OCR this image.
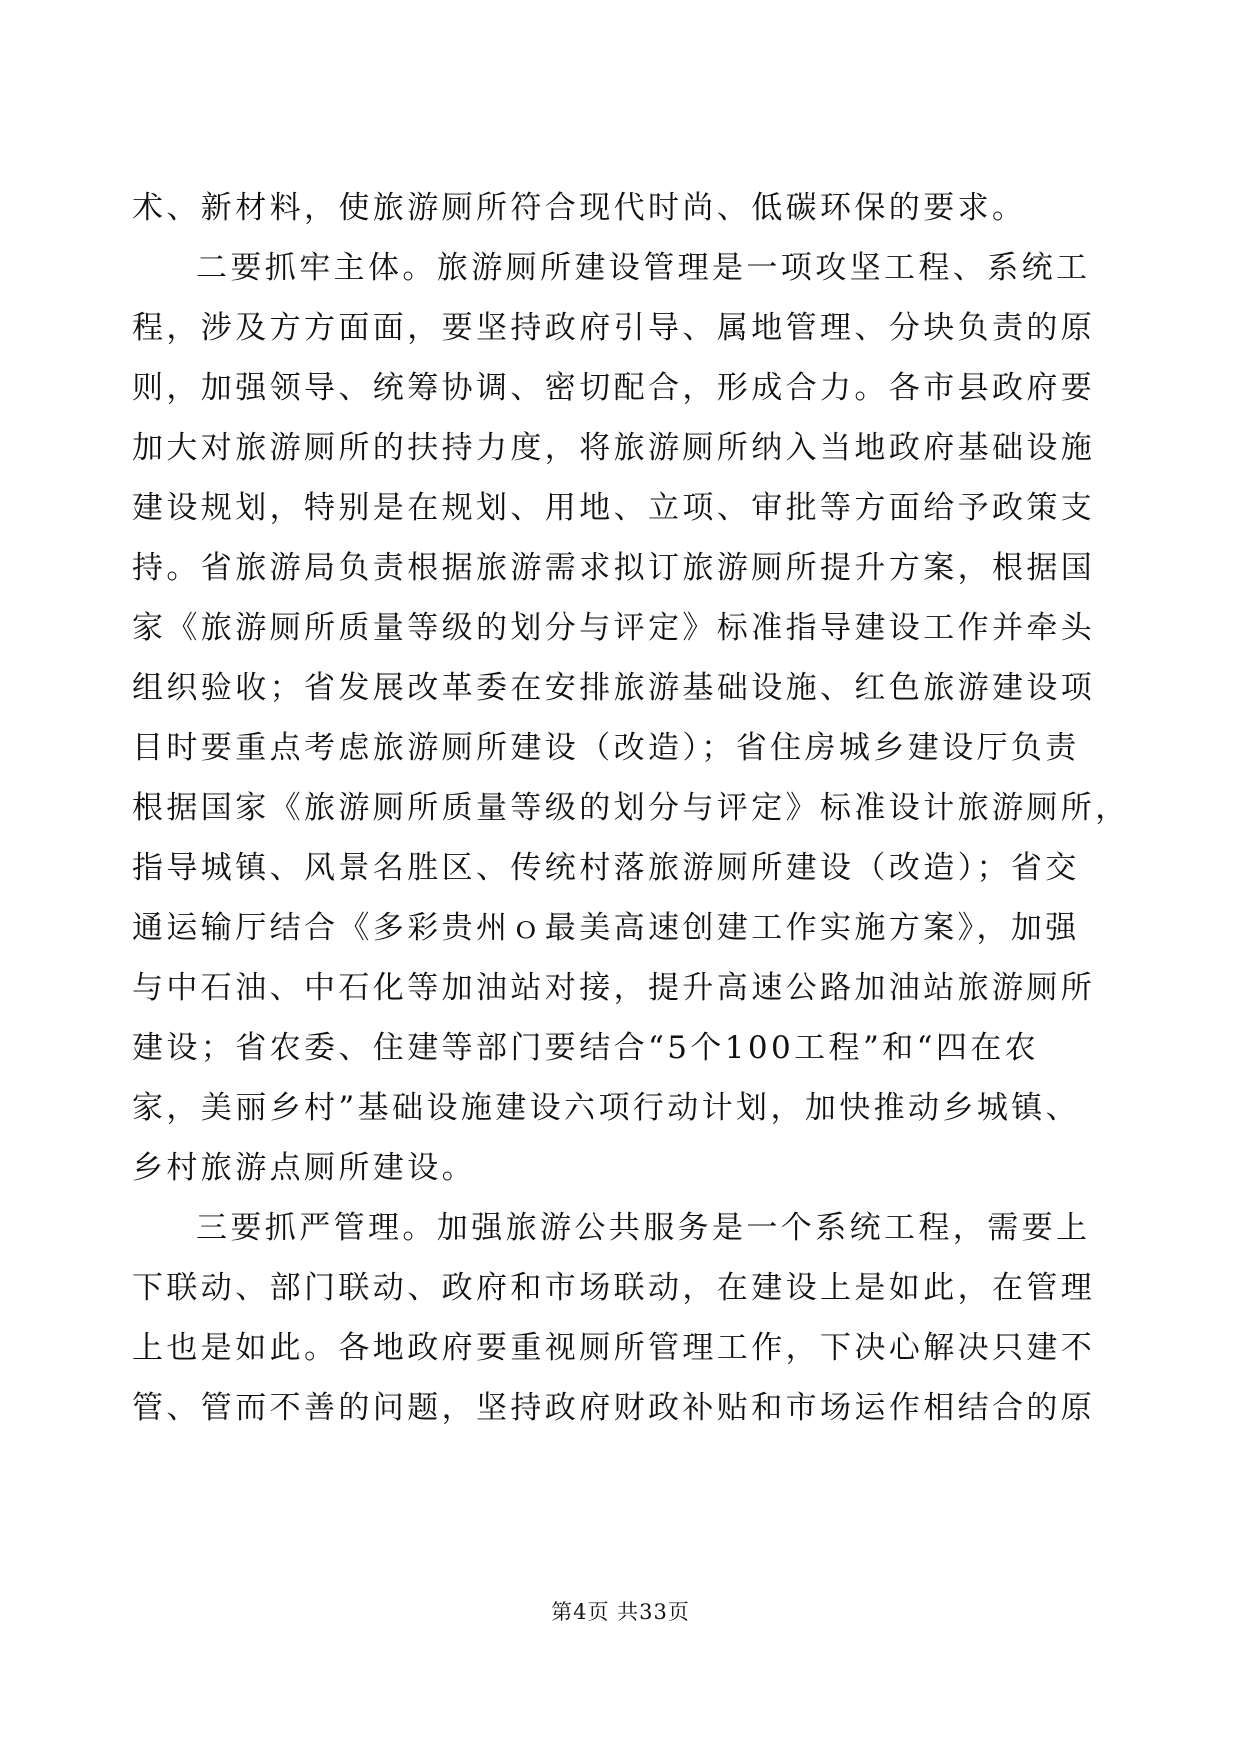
术、新材料，使旅游厕所符合现代时尚、低碳环保的要求。
二要抓牢主体。旅游厕所建设管理是一项攻坚工程、系统工
程，涉及方方面面，要坚持政府引导、属地管理、分块负责的原
则，加强领导、统筹协调、密切配合，形成合力。各市县政府要
加大对旅游厕所的扶持力度，将旅游厕所纳入当地政府基础设施
建设规划，特别是在规划、用地、立项、审批等方面给予政策支
持。省旅游局负责根据旅游需求拟订旅游厕所提升方案，根据国
家《旅游厕所质量等级的划分与评定》标准指导建设工作并牵头
组织验收；省发展改革委在安排旅游基础设施、红色旅游建设项
目时要重点考虑旅游厕所建设（改造）；省住房城乡建设厅负责
根据国家《旅游厕所质量等级的划分与评定》标准设计旅游厕所，
指导城镇、风景名胜区、传统村落旅游厕所建设（改造）；省交
通运输厅结合《多彩贵州ｏ最美高速创建工作实施方案》，加强
与中石油、中石化等加油站对接，提升高速公路加油站旅游厕所
建设；省农委、住建等部门要结合“5个100工程”和“四在农
家，美丽乡村”基础设施建设六项行动计划，加快推动乡城镇、
乡村旅游点厕所建设。
三要抓严管理。加强旅游公共服务是一个系统工程，需要上
下联动、部门联动、政府和市场联动，在建设上是如此，在管理
上也是如此。各地政府要重视厕所管理工作，下决心解决只建不
管、管而不善的问题，坚持政府财政补贴和市场运作相结合的原
第4页 共33页
